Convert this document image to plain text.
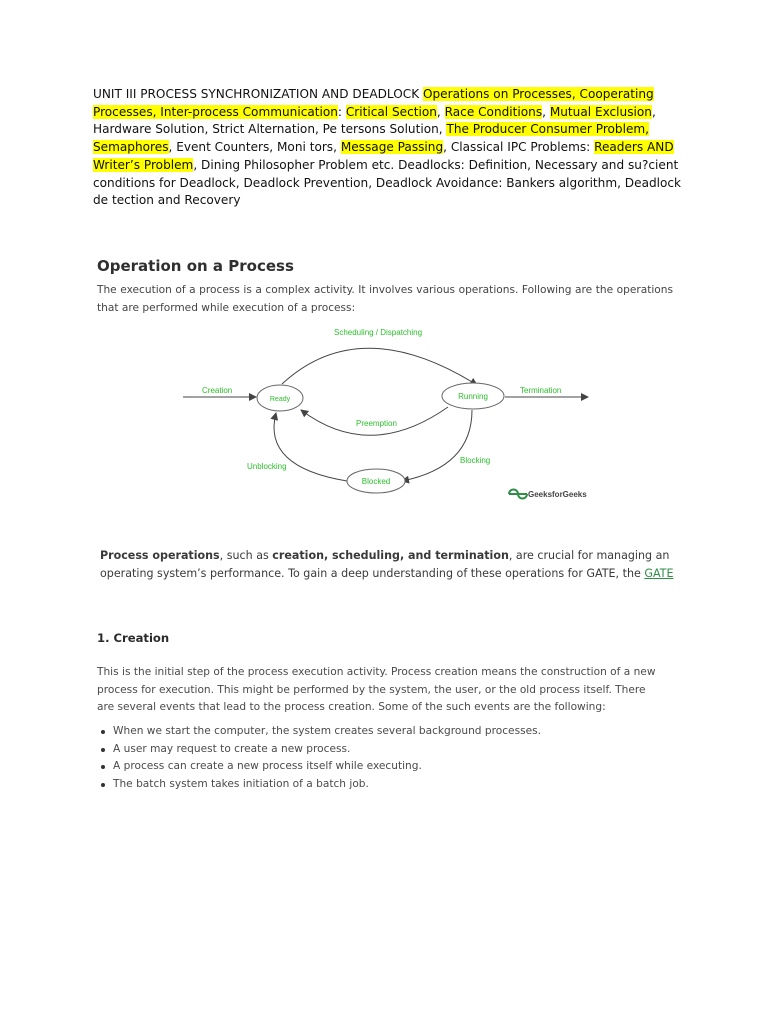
UNIT III PROCESS SYNCHRONIZATION AND DEADLOCK Operations on Processes, Cooperating Processes, Inter-process Communication: Critical Section, Race Conditions, Mutual Exclusion, Hardware Solution, Strict Alternation, Pe tersons Solution, The Producer Consumer Problem, Semaphores, Event Counters, Moni tors, Message Passing, Classical IPC Problems: Readers AND Writer’s Problem, Dining Philosopher Problem etc. Deadlocks: Definition, Necessary and su?cient conditions for Deadlock, Deadlock Prevention, Deadlock Avoidance: Bankers algorithm, Deadlock de tection and Recovery
Operation on a Process
The execution of a process is a complex activity. It involves various operations. Following are the operations that are performed while execution of a process:
Creation
Scheduling / Dispatching
Preemption
Blocking
Unblocking
Termination
Ready	Running
Blocked
GeeksforGeeks
Process operations, such as creation, scheduling, and termination, are crucial for managing an
operating system’s performance. To gain a deep understanding of these operations for GATE, the GATE
1. Creation
This is the initial step of the process execution activity. Process creation means the construction of a new
process for execution. This might be performed by the system, the user, or the old process itself. There
are several events that lead to the process creation. Some of the such events are the following:
When we start the computer, the system creates several background processes.
A user may request to create a new process.
A process can create a new process itself while executing.
The batch system takes initiation of a batch job.
